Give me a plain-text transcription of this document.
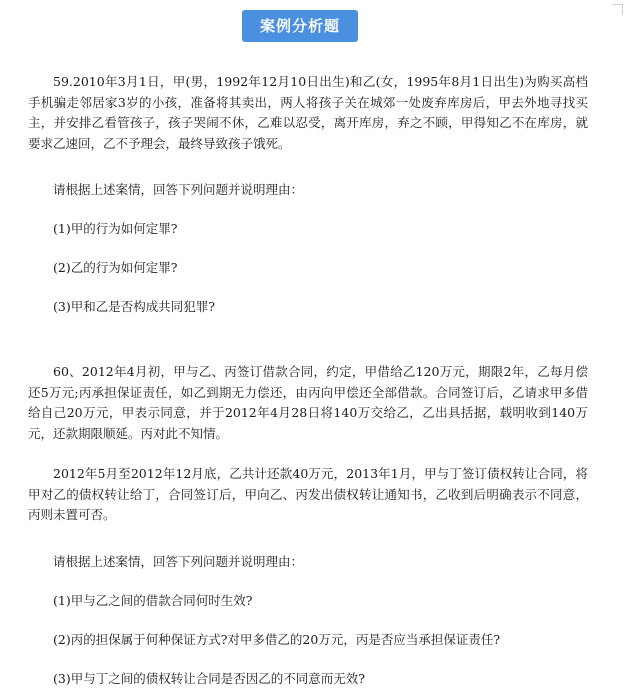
案例分析题

59.2010年3月1日，甲(男，1992年12月10日出生)和乙(女，1995年8月1日出生)为购买高档手机骗走邻居家3岁的小孩，准备将其卖出，两人将孩子关在城郊一处废弃库房后，甲去外地寻找买主，并安排乙看管孩子，孩子哭闹不休，乙难以忍受，离开库房，弃之不顾，甲得知乙不在库房，就要求乙速回，乙不予理会，最终导致孩子饿死。

请根据上述案情，回答下列问题并说明理由：

(1)甲的行为如何定罪?

(2)乙的行为如何定罪?

(3)甲和乙是否构成共同犯罪?

60、2012年4月初，甲与乙、丙签订借款合同，约定，甲借给乙120万元，期限2年，乙每月偿还5万元;丙承担保证责任，如乙到期无力偿还，由丙向甲偿还全部借款。合同签订后，乙请求甲多借给自己20万元，甲表示同意，并于2012年4月28日将140万交给乙，乙出具括据，载明收到140万元，还款期限顺延。丙对此不知情。

2012年5月至2012年12月底，乙共计还款40万元，2013年1月，甲与丁签订债权转让合同，将甲对乙的债权转让给丁，合同签订后，甲向乙、丙发出债权转让通知书，乙收到后明确表示不同意，丙则未置可否。

请根据上述案情，回答下列问题并说明理由：

(1)甲与乙之间的借款合同何时生效?

(2)丙的担保属于何种保证方式?对甲多借乙的20万元，丙是否应当承担保证责任?

(3)甲与丁之间的债权转让合同是否因乙的不同意而无效?
